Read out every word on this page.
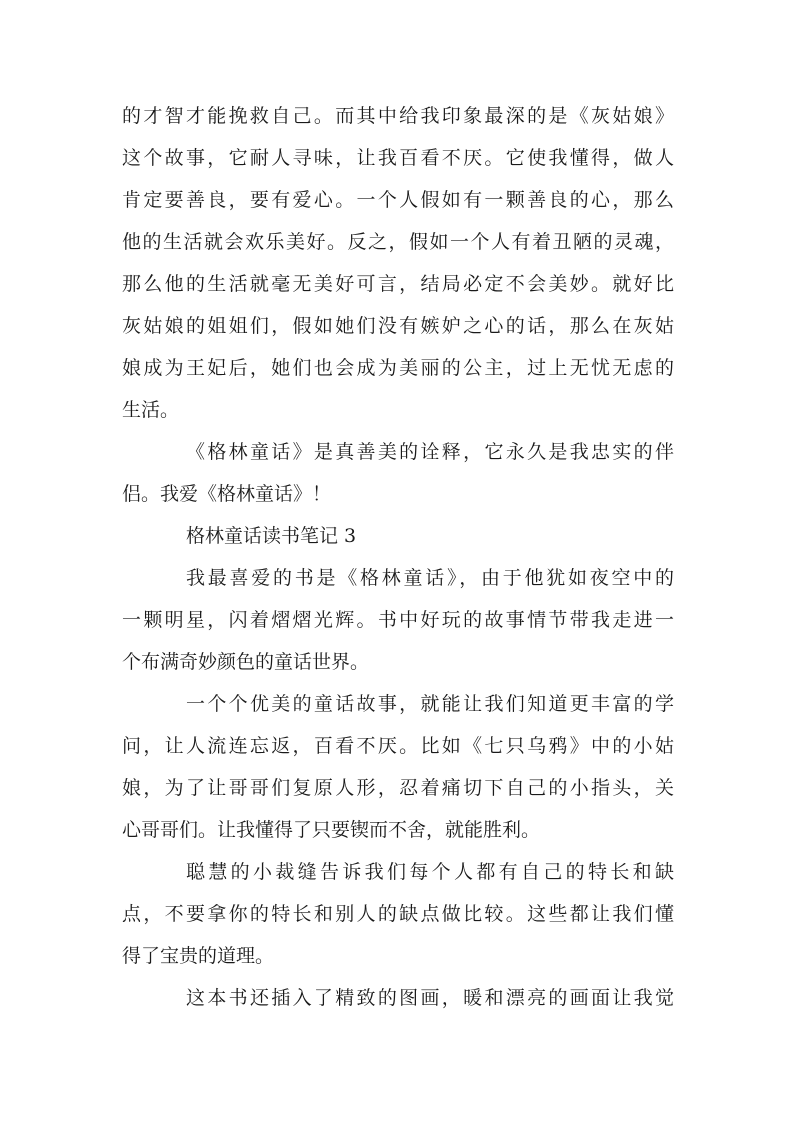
的才智才能挽救自己。而其中给我印象最深的是《灰姑娘》
这个故事，它耐人寻味，让我百看不厌。它使我懂得，做人
肯定要善良，要有爱心。一个人假如有一颗善良的心，那么
他的生活就会欢乐美好。反之，假如一个人有着丑陋的灵魂，
那么他的生活就毫无美好可言，结局必定不会美妙。就好比
灰姑娘的姐姐们，假如她们没有嫉妒之心的话，那么在灰姑
娘成为王妃后，她们也会成为美丽的公主，过上无忧无虑的
生活。
《格林童话》是真善美的诠释，它永久是我忠实的伴
侣。我爱《格林童话》！
格林童话读书笔记 3
我最喜爱的书是《格林童话》，由于他犹如夜空中的
一颗明星，闪着熠熠光辉。书中好玩的故事情节带我走进一
个布满奇妙颜色的童话世界。
一个个优美的童话故事，就能让我们知道更丰富的学
问，让人流连忘返，百看不厌。比如《七只乌鸦》中的小姑
娘，为了让哥哥们复原人形，忍着痛切下自己的小指头，关
心哥哥们。让我懂得了只要锲而不舍，就能胜利。
聪慧的小裁缝告诉我们每个人都有自己的特长和缺
点，不要拿你的特长和别人的缺点做比较。这些都让我们懂
得了宝贵的道理。
这本书还插入了精致的图画，暖和漂亮的画面让我觉
